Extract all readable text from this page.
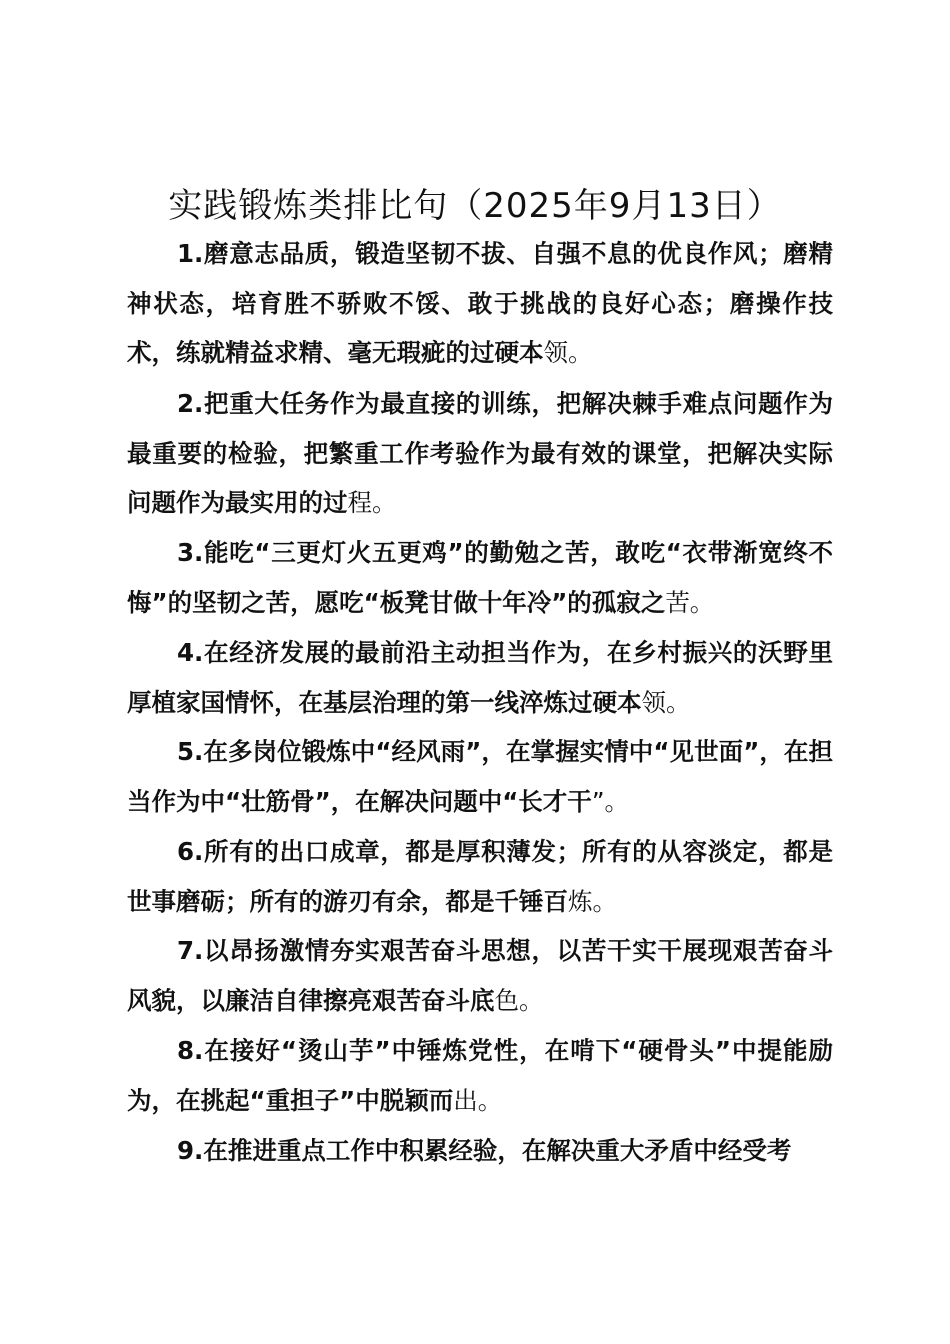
实践锻炼类排比句（2025年9月13日）

1.磨意志品质，锻造坚韧不拔、自强不息的优良作风；磨精神状态，培育胜不骄败不馁、敢于挑战的良好心态；磨操作技术，练就精益求精、毫无瑕疵的过硬本领。

2.把重大任务作为最直接的训练，把解决棘手难点问题作为最重要的检验，把繁重工作考验作为最有效的课堂，把解决实际问题作为最实用的过程。

3.能吃“三更灯火五更鸡”的勤勉之苦，敢吃“衣带渐宽终不悔”的坚韧之苦，愿吃“板凳甘做十年冷”的孤寂之苦。

4.在经济发展的最前沿主动担当作为，在乡村振兴的沃野里厚植家国情怀，在基层治理的第一线淬炼过硬本领。

5.在多岗位锻炼中“经风雨”，在掌握实情中“见世面”，在担当作为中“壮筋骨”，在解决问题中“长才干”。

6.所有的出口成章，都是厚积薄发；所有的从容淡定，都是世事磨砺；所有的游刃有余，都是千锤百炼。

7.以昂扬激情夯实艰苦奋斗思想，以苦干实干展现艰苦奋斗风貌，以廉洁自律擦亮艰苦奋斗底色。

8.在接好“烫山芋”中锤炼党性，在啃下“硬骨头”中提能励为，在挑起“重担子”中脱颖而出。

9.在推进重点工作中积累经验，在解决重大矛盾中经受考
